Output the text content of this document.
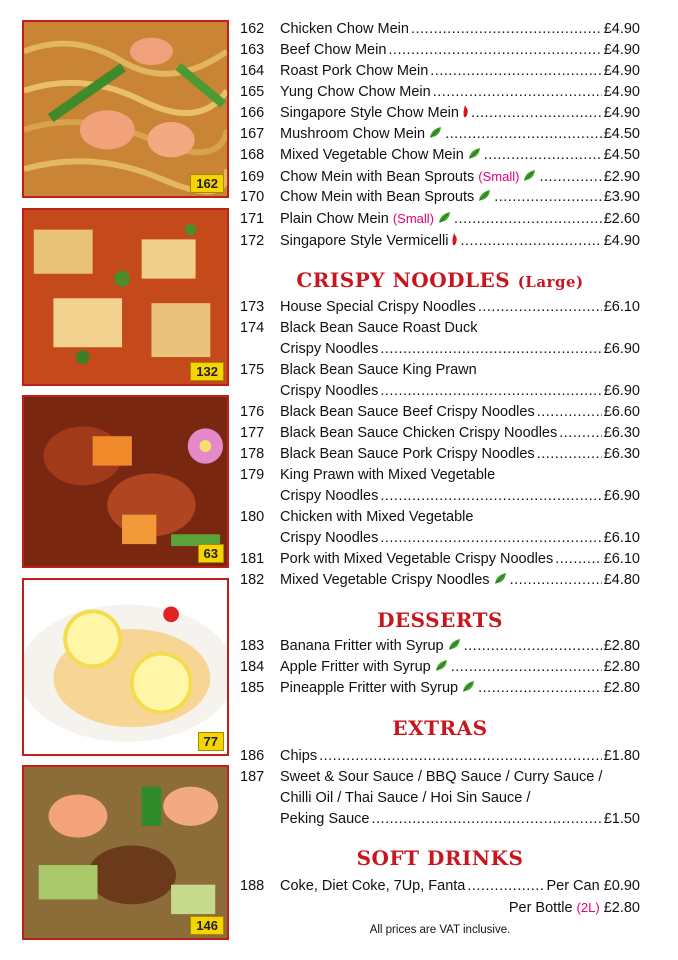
162
132
63
77
146
162	Chicken Chow Mein .....	£4.90
163	Beef Chow Mein .....	£4.90
164	Roast Pork Chow Mein .....	£4.90
165	Yung Chow Chow Mein .....	£4.90
166	Singapore Style Chow Mein .....	£4.90
167	Mushroom Chow Mein .....	£4.50
168	Mixed Vegetable Chow Mein .....	£4.50
169	Chow Mein with Bean Sprouts (Small) .....	£2.90
170	Chow Mein with Bean Sprouts .....	£3.90
171	Plain Chow Mein (Small) .....	£2.60
172	Singapore Style Vermicelli .....	£4.90
CRISPY NOODLES (Large)
173	House Special Crispy Noodles .....	£6.10
174	Black Bean Sauce Roast Duck
Crispy Noodles .....	£6.90
175	Black Bean Sauce King Prawn
Crispy Noodles .....	£6.90
176	Black Bean Sauce Beef Crispy Noodles .....	£6.60
177	Black Bean Sauce Chicken Crispy Noodles .....	£6.30
178	Black Bean Sauce Pork Crispy Noodles .....	£6.30
179	King Prawn with Mixed Vegetable
Crispy Noodles .....	£6.90
180	Chicken with Mixed Vegetable
Crispy Noodles .....	£6.10
181	Pork with Mixed Vegetable Crispy Noodles .....	£6.10
182	Mixed Vegetable Crispy Noodles .....	£4.80
DESSERTS
183	Banana Fritter with Syrup .....	£2.80
184	Apple Fritter with Syrup .....	£2.80
185	Pineapple Fritter with Syrup .....	£2.80
EXTRAS
186	Chips .....	£1.80
187	Sweet & Sour Sauce / BBQ Sauce / Curry Sauce /
Chilli Oil / Thai Sauce / Hoi Sin Sauce /
Peking Sauce .....	£1.50
SOFT DRINKS
188	Coke, Diet Coke, 7Up, Fanta .....	Per Can £0.90
Per Bottle (2L) £2.80
All prices are VAT inclusive.
